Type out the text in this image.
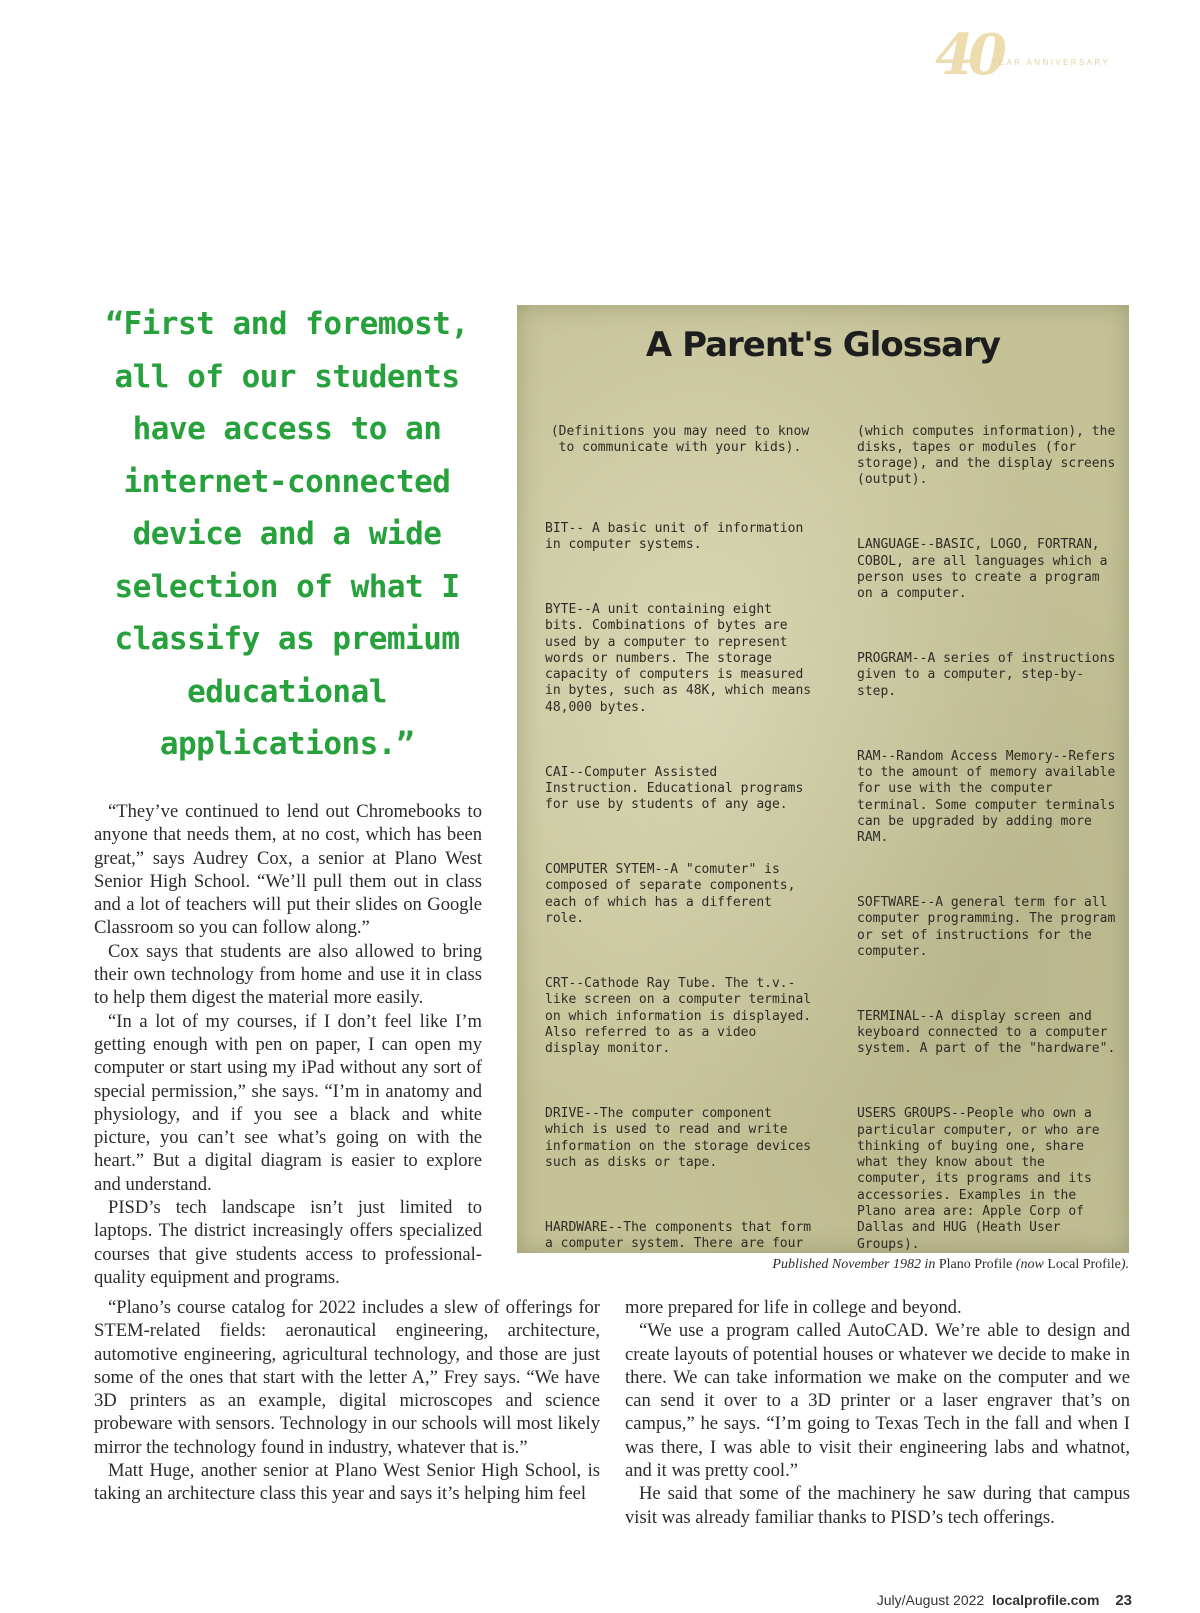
40
YEAR ANNIVERSARY
“First and foremost, all of our students have access to an internet-connected device and a wide selection of what I classify as premium educational applications.”

“They’ve continued to lend out Chromebooks to anyone that needs them, at no cost, which has been great,” says Audrey Cox, a senior at Plano West Senior High School. “We’ll pull them out in class and a lot of teachers will put their slides on Google Classroom so you can follow along.”

Cox says that students are also allowed to bring their own technology from home and use it in class to help them digest the material more easily.

“In a lot of my courses, if I don’t feel like I’m getting enough with pen on paper, I can open my computer or start using my iPad without any sort of special permission,” she says. “I’m in anatomy and physiology, and if you see a black and white picture, you can’t see what’s going on with the heart.” But a digital diagram is easier to explore and understand.

PISD’s tech landscape isn’t just limited to laptops. The district increasingly offers specialized courses that give students access to professional-quality equipment and programs.

A Parent's Glossary

(Definitions you may need to know to communicate with your kids).

BIT-- A basic unit of information in computer systems.

BYTE--A unit containing eight bits. Combinations of bytes are used by a computer to represent words or numbers. The storage capacity of computers is measured in bytes, such as 48K, which means 48,000 bytes.

CAI--Computer Assisted Instruction. Educational programs for use by students of any age.

COMPUTER SYTEM--A "comuter" is composed of separate components, each of which has a different role.

CRT--Cathode Ray Tube. The t.v.-like screen on a computer terminal on which information is displayed. Also referred to as a video display monitor.

DRIVE--The computer component which is used to read and write information on the storage devices such as disks or tape.

HARDWARE--The components that form a computer system. There are four

(which computes information), the disks, tapes or modules (for storage), and the display screens (output).

LANGUAGE--BASIC, LOGO, FORTRAN, COBOL, are all languages which a person uses to create a program on a computer.

PROGRAM--A series of instructions given to a computer, step-by-step.

RAM--Random Access Memory--Refers to the amount of memory available for use with the computer terminal. Some computer terminals can be upgraded by adding more RAM.

SOFTWARE--A general term for all computer programming. The program or set of instructions for the computer.

TERMINAL--A display screen and keyboard connected to a computer system. A part of the "hardware".

USERS GROUPS--People who own a particular computer, or who are thinking of buying one, share what they know about the computer, its programs and its accessories. Examples in the Plano area are: Apple Corp of Dallas and HUG (Heath User Groups).

Published November 1982 in Plano Profile (now Local Profile).

“Plano’s course catalog for 2022 includes a slew of offerings for STEM-related fields: aeronautical engineering, architecture, automotive engineering, agricultural technology, and those are just some of the ones that start with the letter A,” Frey says. “We have 3D printers as an example, digital microscopes and science probeware with sensors. Technology in our schools will most likely mirror the technology found in industry, whatever that is.”

Matt Huge, another senior at Plano West Senior High School, is taking an architecture class this year and says it’s helping him feel

more prepared for life in college and beyond.

“We use a program called AutoCAD. We’re able to design and create layouts of potential houses or whatever we decide to make in there. We can take information we make on the computer and we can send it over to a 3D printer or a laser engraver that’s on campus,” he says. “I’m going to Texas Tech in the fall and when I was there, I was able to visit their engineering labs and whatnot, and it was pretty cool.”

He said that some of the machinery he saw during that campus visit was already familiar thanks to PISD’s tech offerings.

July/August 2022 localprofile.com 23
